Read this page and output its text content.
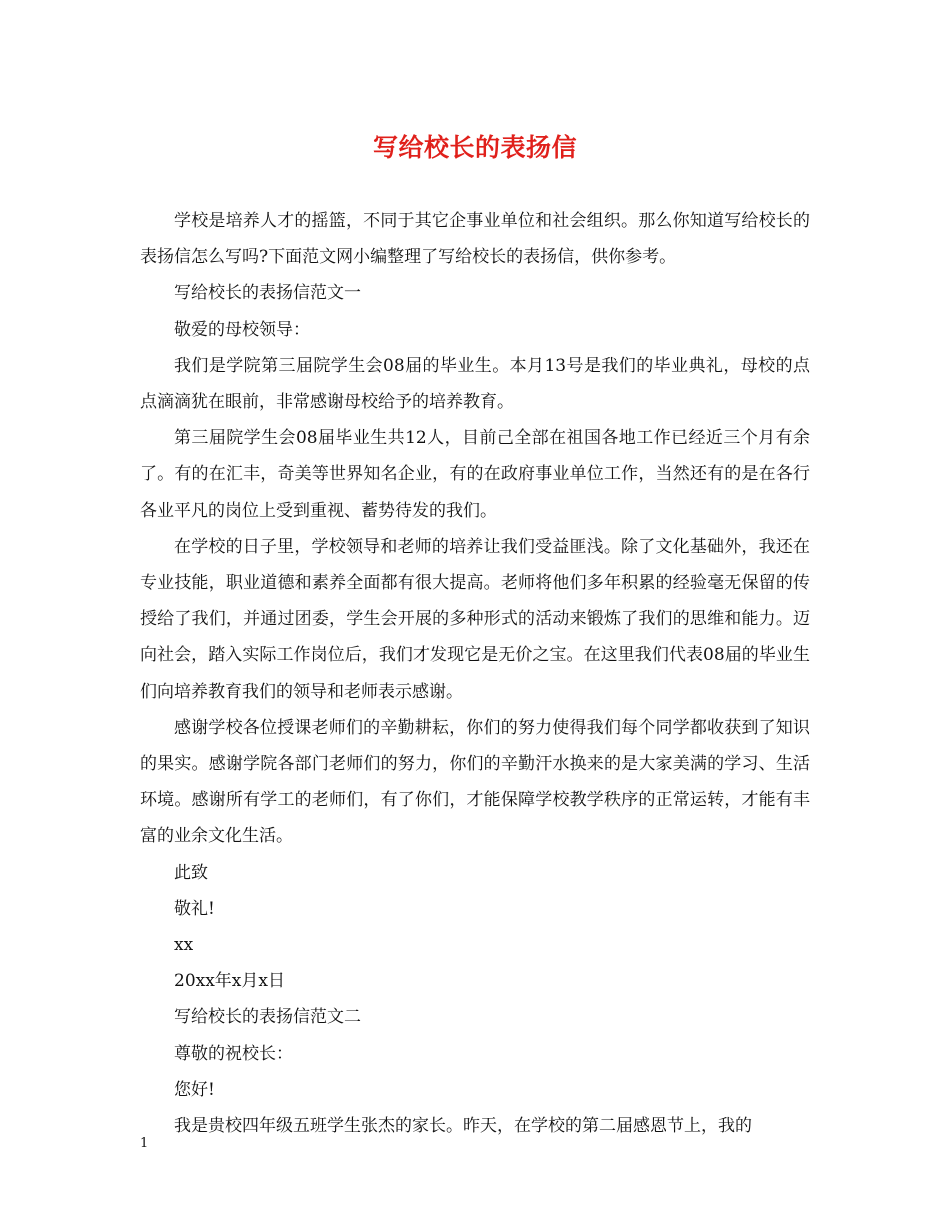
写给校长的表扬信

学校是培养人才的摇篮，不同于其它企事业单位和社会组织。那么你知道写给校长的表扬信怎么写吗?下面范文网小编整理了写给校长的表扬信，供你参考。

写给校长的表扬信范文一

敬爱的母校领导：

我们是学院第三届院学生会08届的毕业生。本月13号是我们的毕业典礼，母校的点点滴滴犹在眼前，非常感谢母校给予的培养教育。

第三届院学生会08届毕业生共12人，目前己全部在祖国各地工作已经近三个月有余了。有的在汇丰，奇美等世界知名企业，有的在政府事业单位工作，当然还有的是在各行各业平凡的岗位上受到重视、蓄势待发的我们。

在学校的日子里，学校领导和老师的培养让我们受益匪浅。除了文化基础外，我还在专业技能，职业道德和素养全面都有很大提高。老师将他们多年积累的经验毫无保留的传授给了我们，并通过团委，学生会开展的多种形式的活动来锻炼了我们的思维和能力。迈向社会，踏入实际工作岗位后，我们才发现它是无价之宝。在这里我们代表08届的毕业生们向培养教育我们的领导和老师表示感谢。

感谢学校各位授课老师们的辛勤耕耘，你们的努力使得我们每个同学都收获到了知识的果实。感谢学院各部门老师们的努力，你们的辛勤汗水换来的是大家美满的学习、生活环境。感谢所有学工的老师们，有了你们，才能保障学校教学秩序的正常运转，才能有丰富的业余文化生活。

此致

敬礼!

xx

20xx年x月x日

写给校长的表扬信范文二

尊敬的祝校长：

您好!

我是贵校四年级五班学生张杰的家长。昨天，在学校的第二届感恩节上，我的

1
